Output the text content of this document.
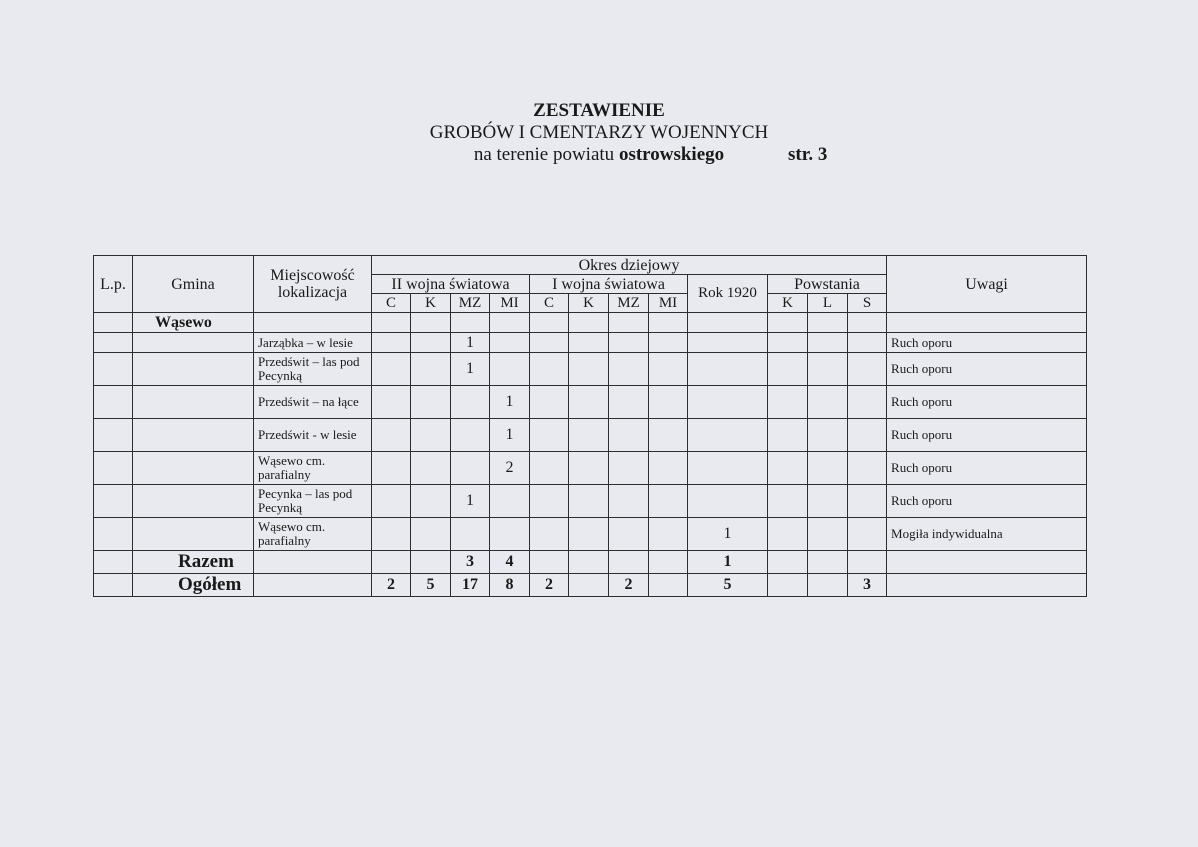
ZESTAWIENIE
GROBÓW I CMENTARZY WOJENNYCH
na terenie powiatu ostrowskiego	str. 3
L.p.	Gmina	Miejscowość lokalizacja	Okres dziejowy												Uwagi
			II wojna światowa				I wojna światowa				Rok 1920	Powstania			
			C	K	MZ	MI	C	K	MZ	MI		K	L	S	
	Wąsewo														
		Jarząbka – w lesie			1										Ruch oporu
		Przedświt – las pod Pecynką			1										Ruch oporu
		Przedświt – na łące				1									Ruch oporu
		Przedświt - w lesie				1									Ruch oporu
		Wąsewo cm. parafialny				2									Ruch oporu
		Pecynka – las pod Pecynką			1										Ruch oporu
		Wąsewo cm. parafialny									1				Mogiła indywidualna
	Razem				3	4					1				
	Ogółem		2	5	17	8	2		2		5			3	
